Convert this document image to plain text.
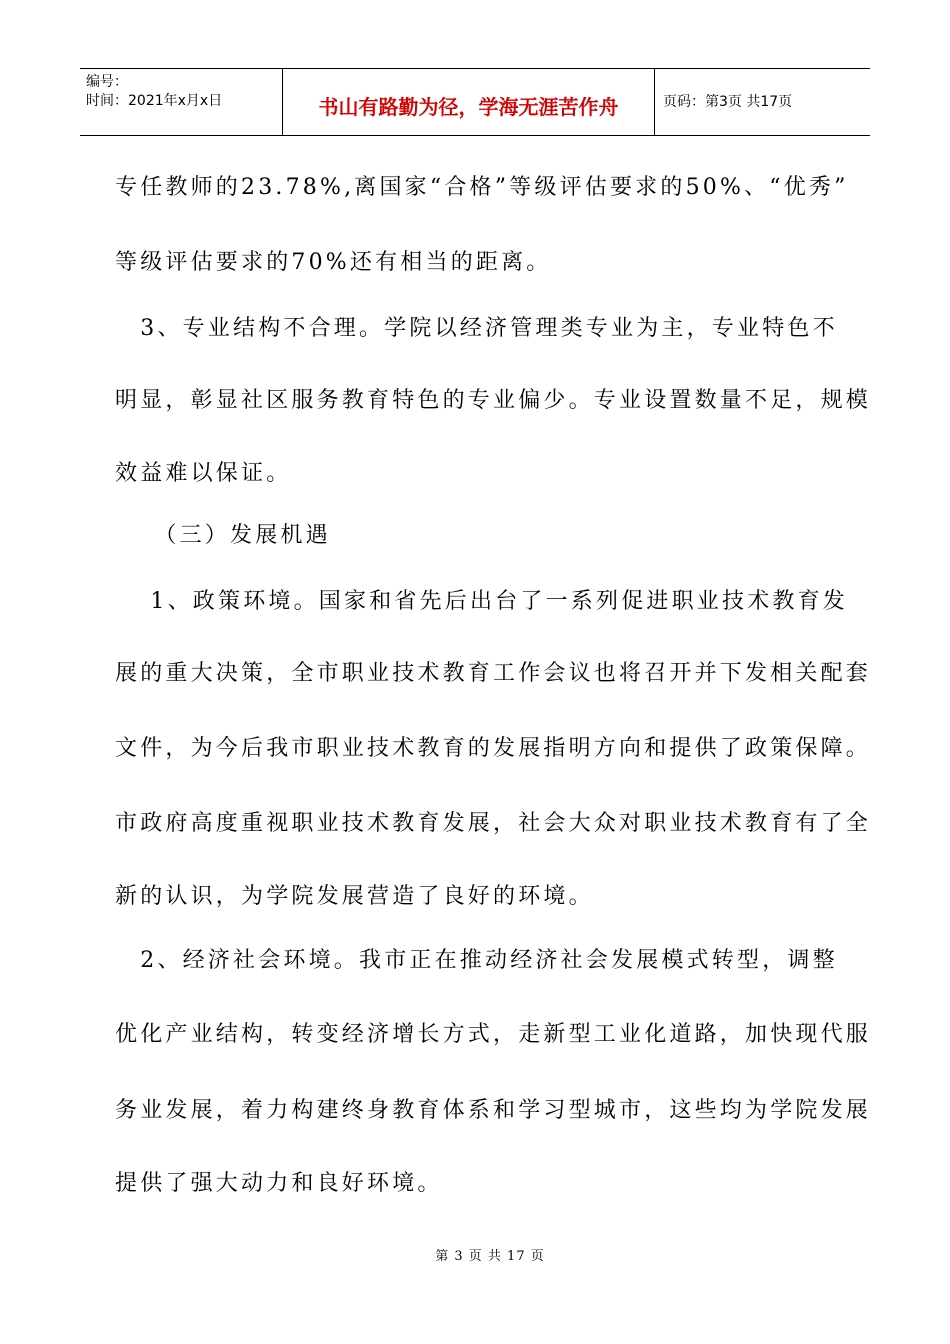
编号：
时间：2021年x月x日	书山有路勤为径，学海无涯苦作舟	页码：第3页 共17页
专任教师的23.78%,离国家“合格”等级评估要求的50%、“优秀”
等级评估要求的70%还有相当的距离。
　3、专业结构不合理。学院以经济管理类专业为主，专业特色不
明显，彰显社区服务教育特色的专业偏少。专业设置数量不足，规模
效益难以保证。
　　（三）发展机遇
　 1、政策环境。国家和省先后出台了一系列促进职业技术教育发
展的重大决策，全市职业技术教育工作会议也将召开并下发相关配套
文件，为今后我市职业技术教育的发展指明方向和提供了政策保障。
市政府高度重视职业技术教育发展，社会大众对职业技术教育有了全
新的认识，为学院发展营造了良好的环境。
　2、经济社会环境。我市正在推动经济社会发展模式转型，调整
优化产业结构，转变经济增长方式，走新型工业化道路，加快现代服
务业发展，着力构建终身教育体系和学习型城市，这些均为学院发展
提供了强大动力和良好环境。
第 3 页 共 17 页
